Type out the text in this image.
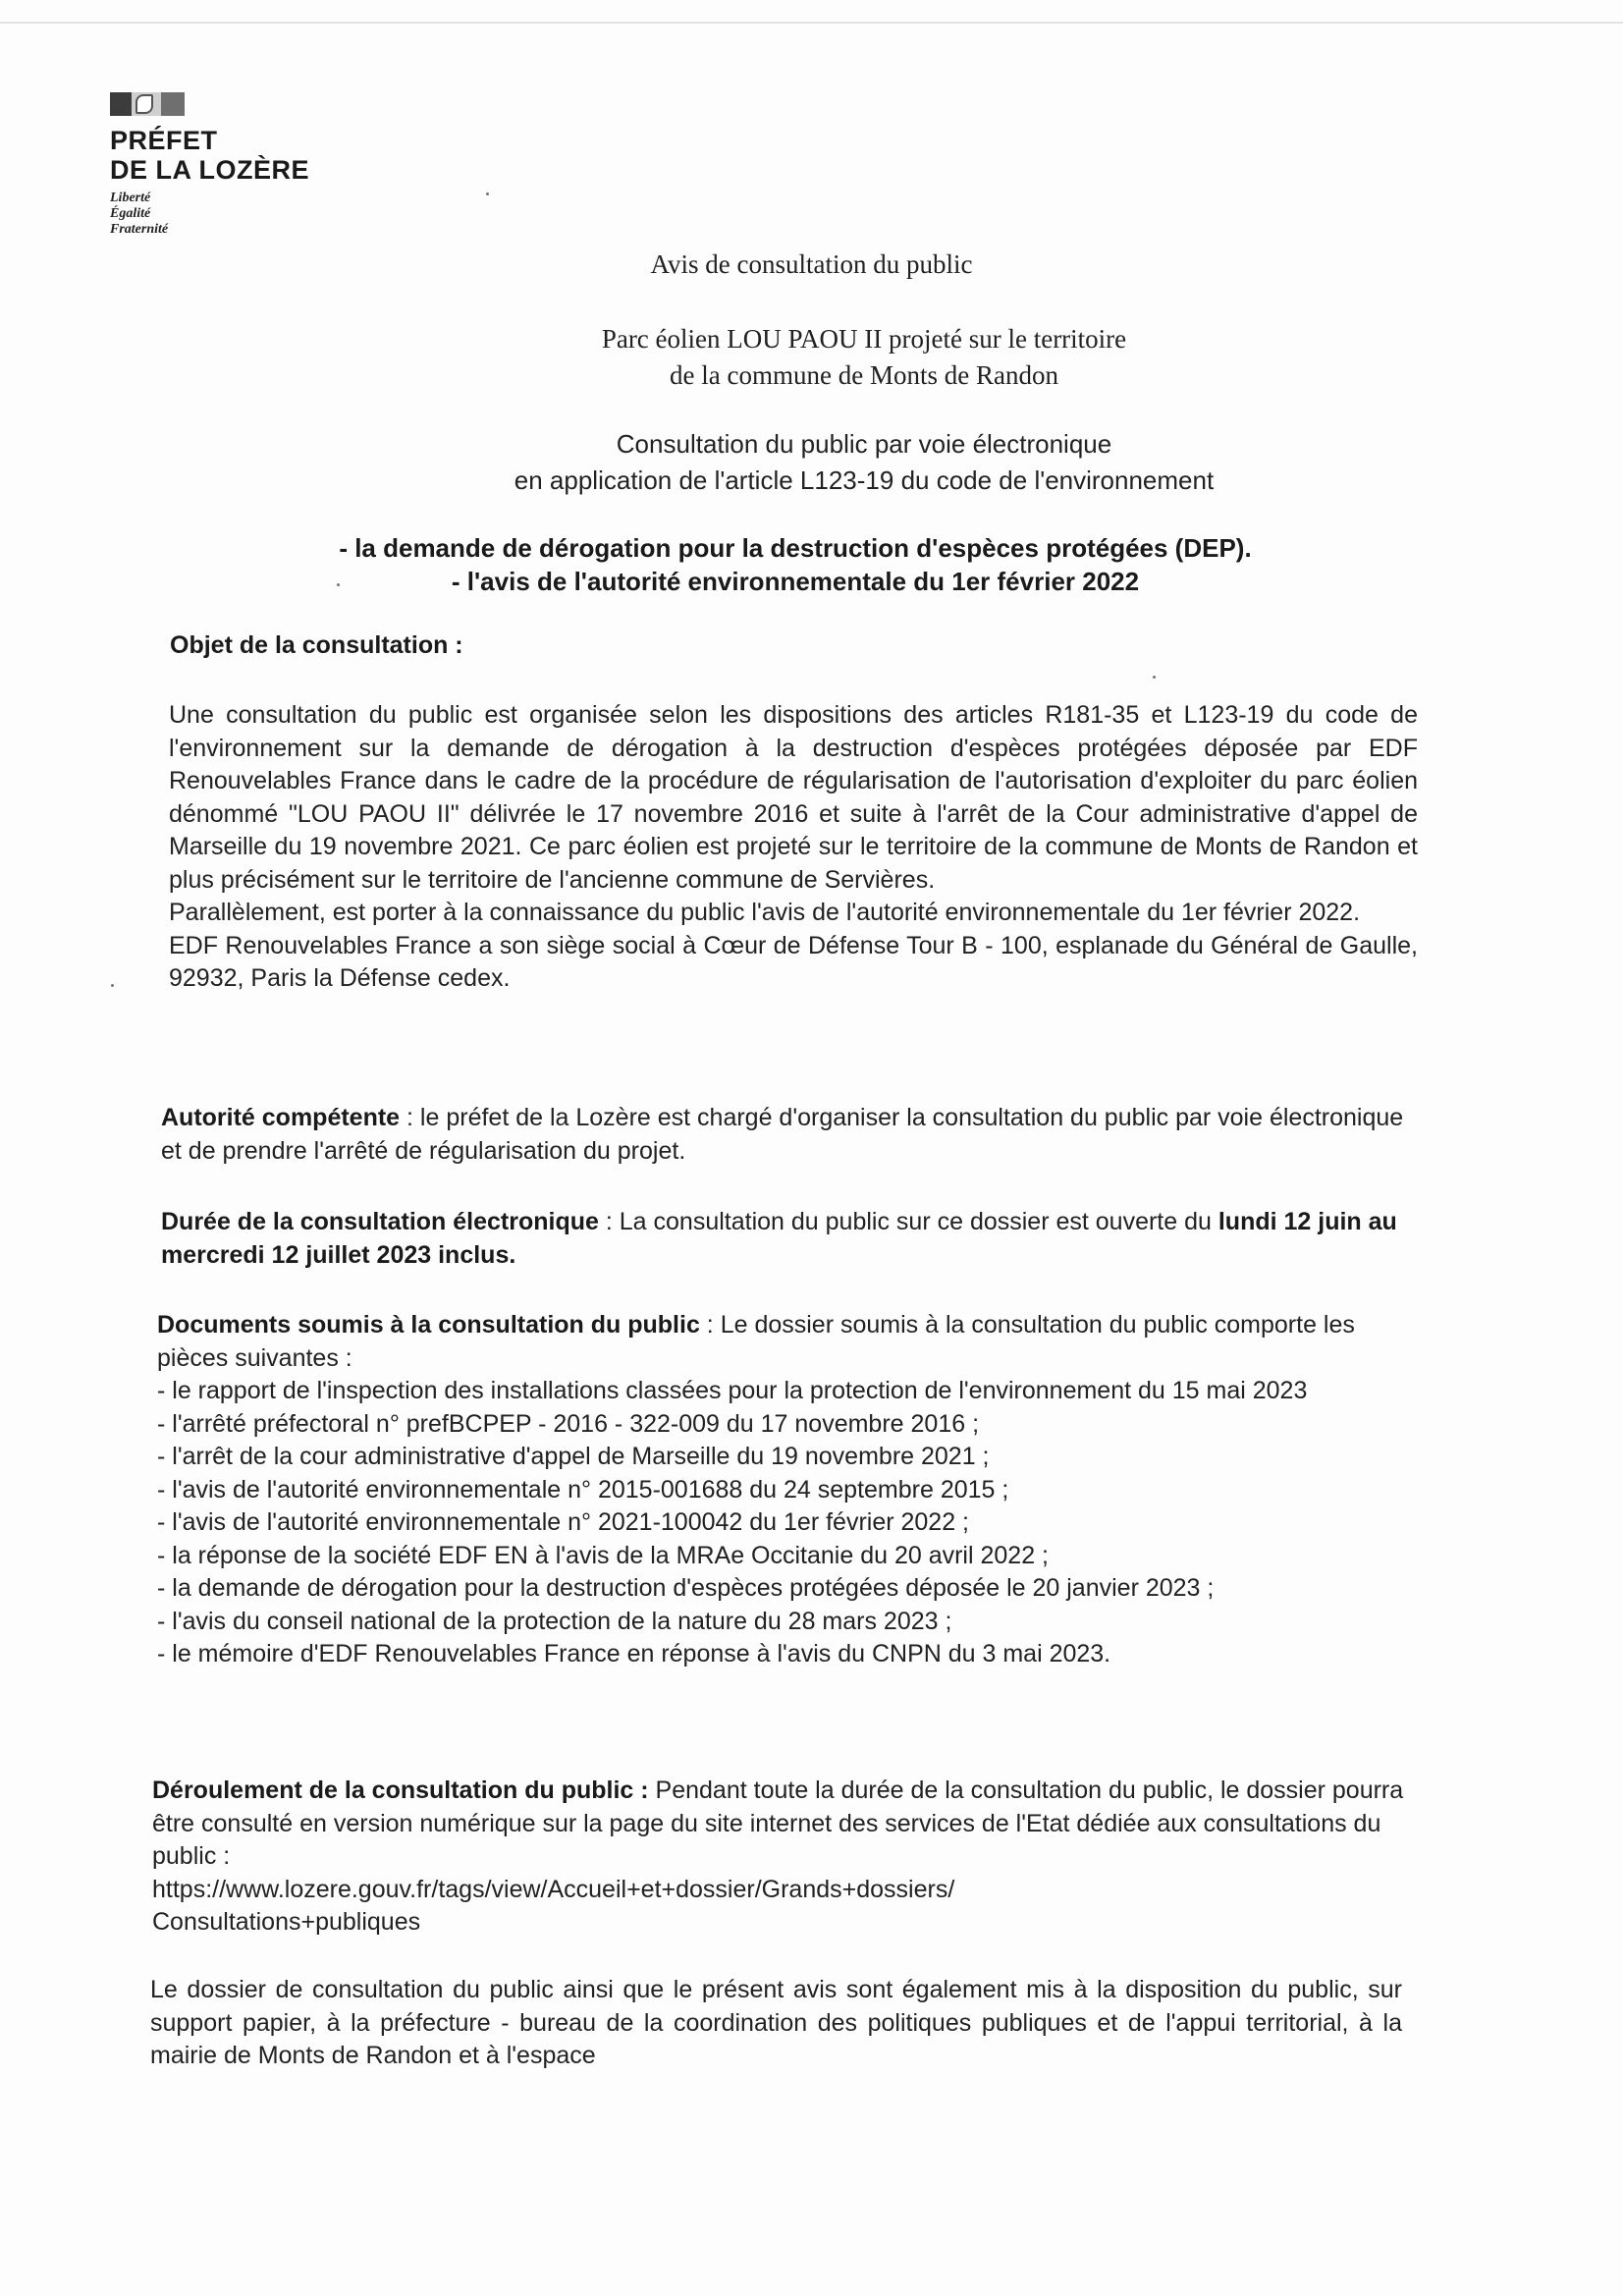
PRÉFET
DE LA LOZÈRE
Liberté
Égalité
Fraternité
Avis de consultation du public
Parc éolien LOU PAOU II projeté sur le territoire
de la commune de Monts de Randon
Consultation du public par voie électronique
en application de l'article L123-19 du code de l'environnement
- la demande de dérogation pour la destruction d'espèces protégées (DEP).
- l'avis de l'autorité environnementale du 1er février 2022
Objet de la consultation :

Une consultation du public est organisée selon les dispositions des articles R181-35 et L123-19 du code de l'environnement sur la demande de dérogation à la destruction d'espèces protégées déposée par EDF Renouvelables France dans le cadre de la procédure de régularisation de l'autorisation d'exploiter du parc éolien dénommé "LOU PAOU II" délivrée le 17 novembre 2016 et suite à l'arrêt de la Cour administrative d'appel de Marseille du 19 novembre 2021. Ce parc éolien est projeté sur le territoire de la commune de Monts de Randon et plus précisément sur le territoire de l'ancienne commune de Servières.

Parallèlement, est porter à la connaissance du public l'avis de l'autorité environnementale du 1er février 2022.

EDF Renouvelables France a son siège social à Cœur de Défense Tour B - 100, esplanade du Général de Gaulle, 92932, Paris la Défense cedex.

Autorité compétente : le préfet de la Lozère est chargé d'organiser la consultation du public par voie électronique et de prendre l'arrêté de régularisation du projet.

Durée de la consultation électronique : La consultation du public sur ce dossier est ouverte du lundi 12 juin au mercredi 12 juillet 2023 inclus.

Documents soumis à la consultation du public : Le dossier soumis à la consultation du public comporte les pièces suivantes :

- le rapport de l'inspection des installations classées pour la protection de l'environnement du 15 mai 2023

- l'arrêté préfectoral n° prefBCPEP - 2016 - 322-009 du 17 novembre 2016 ;

- l'arrêt de la cour administrative d'appel de Marseille du 19 novembre 2021 ;

- l'avis de l'autorité environnementale n° 2015-001688 du 24 septembre 2015 ;

- l'avis de l'autorité environnementale n° 2021-100042 du 1er février 2022 ;

- la réponse de la société EDF EN à l'avis de la MRAe Occitanie du 20 avril 2022 ;

- la demande de dérogation pour la destruction d'espèces protégées déposée le 20 janvier 2023 ;

- l'avis du conseil national de la protection de la nature du 28 mars 2023 ;

- le mémoire d'EDF Renouvelables France en réponse à l'avis du CNPN du 3 mai 2023.

Déroulement de la consultation du public : Pendant toute la durée de la consultation du public, le dossier pourra être consulté en version numérique sur la page du site internet des services de l'Etat dédiée aux consultations du public :

https://www.lozere.gouv.fr/tags/view/Accueil+et+dossier/Grands+dossiers/

Consultations+publiques

Le dossier de consultation du public ainsi que le présent avis sont également mis à la disposition du public, sur support papier, à la préfecture - bureau de la coordination des politiques publiques et de l'appui territorial, à la mairie de Monts de Randon et à l'espace
